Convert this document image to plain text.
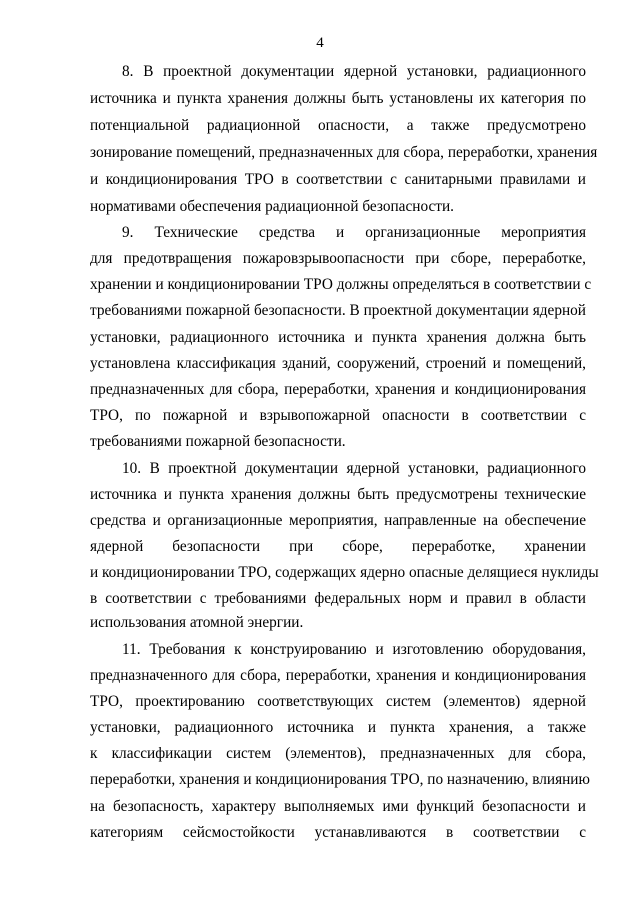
4
8. В проектной документации ядерной установки, радиационного
источника и пункта хранения должны быть установлены их категория по
потенциальной радиационной опасности, а также предусмотрено
зонирование помещений, предназначенных для сбора, переработки, хранения
и кондиционирования ТРО в соответствии с санитарными правилами и
нормативами обеспечения радиационной безопасности.
9. Технические средства и организационные мероприятия
для предотвращения пожаровзрывоопасности при сборе, переработке,
хранении и кондиционировании ТРО должны определяться в соответствии с
требованиями пожарной безопасности. В проектной документации ядерной
установки, радиационного источника и пункта хранения должна быть
установлена классификация зданий, сооружений, строений и помещений,
предназначенных для сбора, переработки, хранения и кондиционирования
ТРО, по пожарной и взрывопожарной опасности в соответствии с
требованиями пожарной безопасности.
10. В проектной документации ядерной установки, радиационного
источника и пункта хранения должны быть предусмотрены технические
средства и организационные мероприятия, направленные на обеспечение
ядерной безопасности при сборе, переработке, хранении
и кондиционировании ТРО, содержащих ядерно опасные делящиеся нуклиды
в соответствии с требованиями федеральных норм и правил в области
использования атомной энергии.
11. Требования к конструированию и изготовлению оборудования,
предназначенного для сбора, переработки, хранения и кондиционирования
ТРО, проектированию соответствующих систем (элементов) ядерной
установки, радиационного источника и пункта хранения, а также
к классификации систем (элементов), предназначенных для сбора,
переработки, хранения и кондиционирования ТРО, по назначению, влиянию
на безопасность, характеру выполняемых ими функций безопасности и
категориям сейсмостойкости устанавливаются в соответствии с
